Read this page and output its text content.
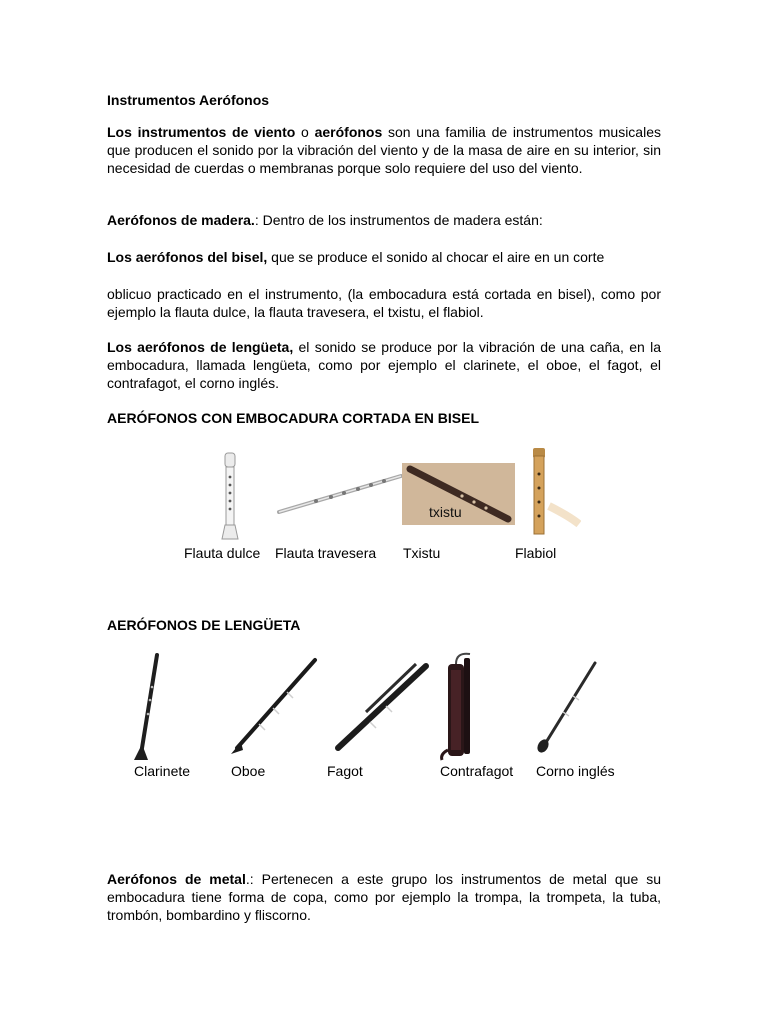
Instrumentos Aerófonos

Los instrumentos de viento o aerófonos son una familia de instrumentos musicales que producen el sonido por la vibración del viento y de la masa de aire en su interior, sin necesidad de cuerdas o membranas porque solo requiere del uso del viento.

Aerófonos de madera.: Dentro de los instrumentos de madera están:

Los aerófonos del bisel, que se produce el sonido al chocar el aire en un corte

oblicuo practicado en el instrumento, (la embocadura está cortada en bisel), como por ejemplo la flauta dulce, la flauta travesera, el txistu, el flabiol.

Los aerófonos de lengüeta, el sonido se produce por la vibración de una caña, en la embocadura, llamada lengüeta, como por ejemplo el clarinete, el oboe, el fagot, el contrafagot, el corno inglés.

AERÓFONOS CON EMBOCADURA CORTADA EN BISEL
txistu
Flauta dulce Flauta travesera Txistu	Flabiol
AERÓFONOS DE LENGÜETA
Clarinete	Oboe	Fagot	Contrafagot Corno inglés

Aerófonos de metal.: Pertenecen a este grupo los instrumentos de metal que su embocadura tiene forma de copa, como por ejemplo la trompa, la trompeta, la tuba, trombón, bombardino y fliscorno.
